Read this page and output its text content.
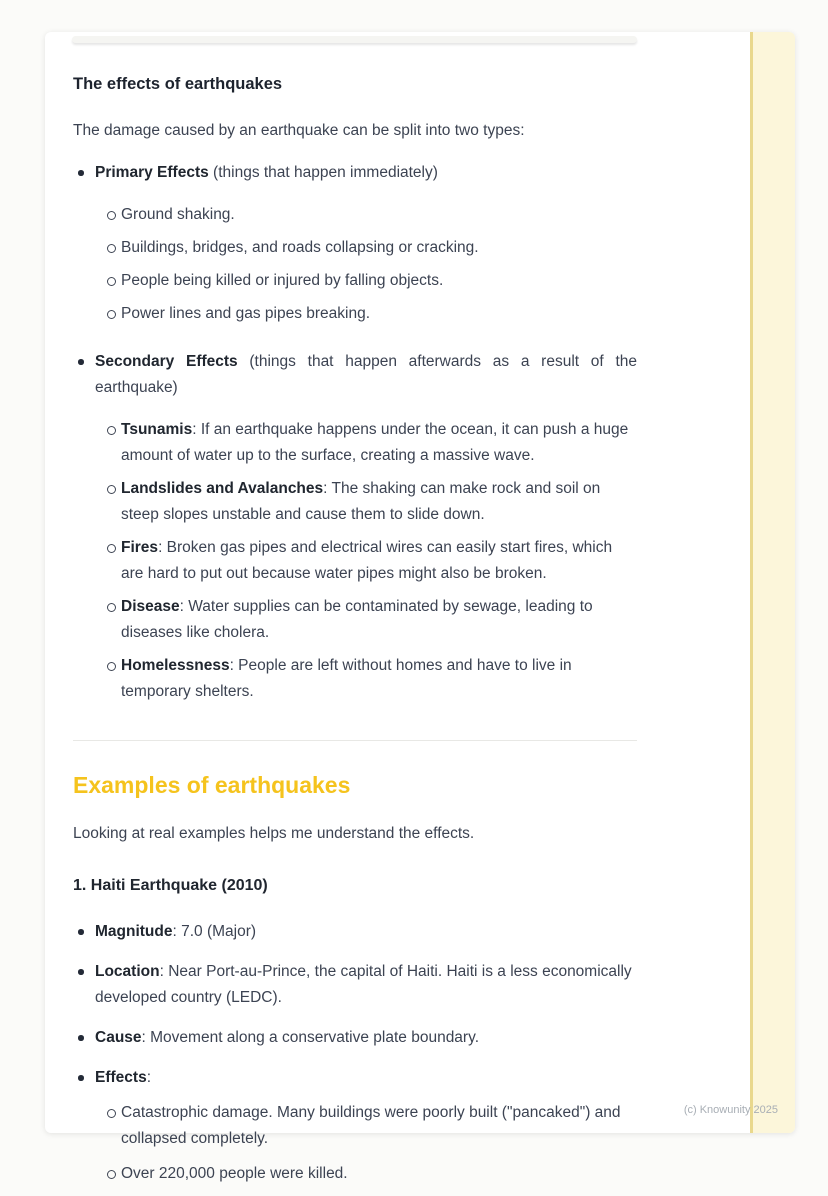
The effects of earthquakes

The damage caused by an earthquake can be split into two types:

Primary Effects (things that happen immediately)
Ground shaking.
Buildings, bridges, and roads collapsing or cracking.
People being killed or injured by falling objects.
Power lines and gas pipes breaking.
Secondary Effects (things that happen afterwards as a result of the earthquake)
Tsunamis: If an earthquake happens under the ocean, it can push a huge amount of water up to the surface, creating a massive wave.
Landslides and Avalanches: The shaking can make rock and soil on steep slopes unstable and cause them to slide down.
Fires: Broken gas pipes and electrical wires can easily start fires, which are hard to put out because water pipes might also be broken.
Disease: Water supplies can be contaminated by sewage, leading to diseases like cholera.
Homelessness: People are left without homes and have to live in temporary shelters.
Examples of earthquakes

Looking at real examples helps me understand the effects.

1. Haiti Earthquake (2010)

Magnitude: 7.0 (Major)
Location: Near Port-au-Prince, the capital of Haiti. Haiti is a less economically developed country (LEDC).
Cause: Movement along a conservative plate boundary.
Effects:
Catastrophic damage. Many buildings were poorly built ("pancaked") and collapsed completely.
Over 220,000 people were killed.
(c) Knowunity 2025
